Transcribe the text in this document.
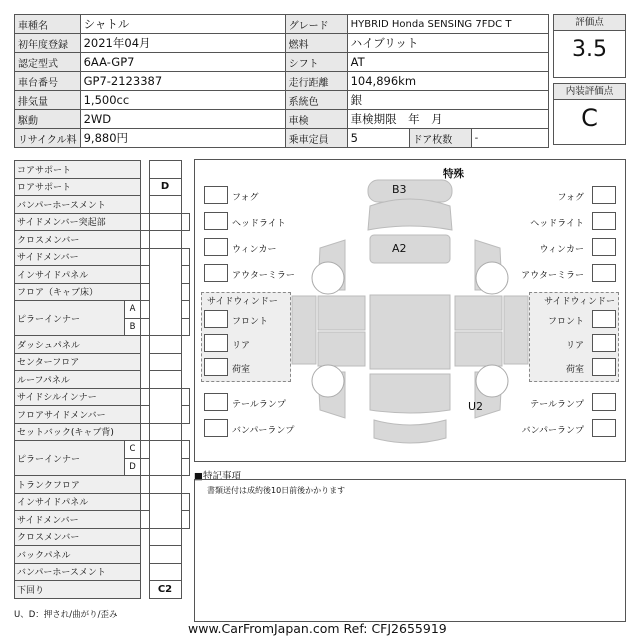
車種名	シャトル	グレード	HYBRID Honda SENSING 7FDC T		
初年度登録	2021年04月	燃料	ハイブリット		
認定型式	6AA-GP7	シフト	AT		
車台番号	GP7-2123387	走行距離	104,896km		
排気量	1,500cc	系統色	銀		
駆動	2WD	車検	車検期限　年　月		
リサイクル料	9,880円	乗車定員	5	ドア枚数	-
評価点
3.5
内装評価点
C
コアサポート				
ロアサポート			D	
バンパーホースメント				
サイドメンバー突起部				
クロスメンバー				
サイドメンバー				
インサイドパネル				
フロア（キャブ床）				
ピラーインナー	A			
	B			
ダッシュパネル				
センターフロア				
ルーフパネル				
サイドシルインナー				
フロアサイドメンバー				
セットバック(キャブ背)				
ピラーインナー	C			
	D			
トランクフロア				
インサイドパネル				
サイドメンバー				
クロスメンバー				
バックパネル				
バンパーホースメント				
下回り			C2	
U、D：押され/曲がり/歪み
特殊
B3
A2
U2
フォグ
ヘッドライト
ウィンカー
アウターミラー
サイドウィンドー
フロント
リア
荷室
テールランプ
バンパーランプ
フォグ
ヘッドライト
ウィンカー
アウターミラー
サイドウィンドー
フロント
リア
荷室
テールランプ
バンパーランプ
■特記事項
書類送付は成約後10日前後かかります
www.CarFromJapan.com Ref: CFJ2655919
